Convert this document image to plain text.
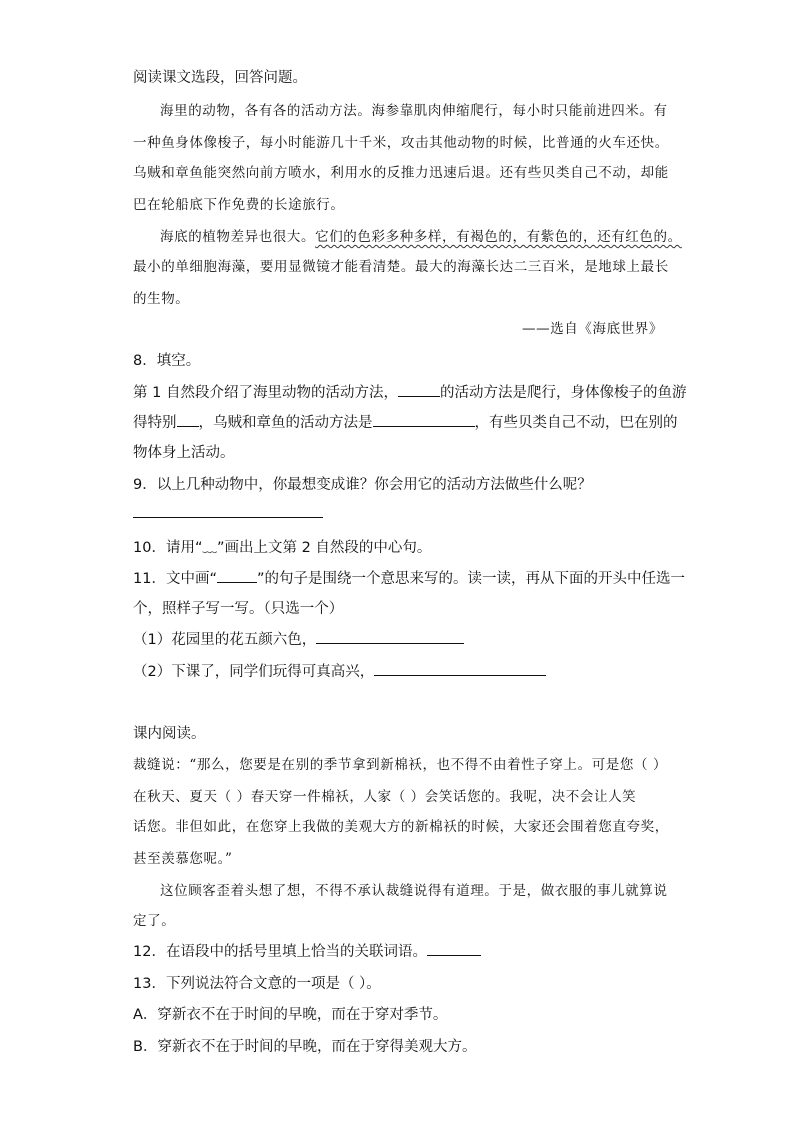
阅读课文选段，回答问题。
海里的动物，各有各的活动方法。海参靠肌肉伸缩爬行，每小时只能前进四米。有
一种鱼身体像梭子，每小时能游几十千米，攻击其他动物的时候，比普通的火车还快。
乌贼和章鱼能突然向前方喷水，利用水的反推力迅速后退。还有些贝类自己不动，却能
巴在轮船底下作免费的长途旅行。
海底的植物差异也很大。它们的色彩多种多样，有褐色的，有紫色的，还有红色的。
最小的单细胞海藻，要用显微镜才能看清楚。最大的海藻长达二三百米，是地球上最长
的生物。
——选自《海底世界》
8．填空。
第 1 自然段介绍了海里动物的活动方法，	的活动方法是爬行，身体像梭子的鱼游
得特别 ，乌贼和章鱼的活动方法是	，有些贝类自己不动，巴在别的
物体身上活动。
9．以上几种动物中，你最想变成谁？你会用它的活动方法做些什么呢？
10．请用“﹏”画出上文第 2 自然段的中心句。
11．文中画“	”的句子是围绕一个意思来写的。读一读，再从下面的开头中任选一
个，照样子写一写。（只选一个）
（1）花园里的花五颜六色，
（2）下课了，同学们玩得可真高兴，
课内阅读。
裁缝说：“那么，您要是在别的季节拿到新棉袄，也不得不由着性子穿上。可是您（ ）
在秋天、夏天（ ）春天穿一件棉袄，人家（ ）会笑话您的。我呢，决不会让人笑
话您。非但如此，在您穿上我做的美观大方的新棉袄的时候，大家还会围着您直夸奖，
甚至羡慕您呢。”
这位顾客歪着头想了想，不得不承认裁缝说得有道理。于是，做衣服的事儿就算说
定了。
12．在语段中的括号里填上恰当的关联词语。
13．下列说法符合文意的一项是（ ）。
A．穿新衣不在于时间的早晚，而在于穿对季节。
B．穿新衣不在于时间的早晚，而在于穿得美观大方。
